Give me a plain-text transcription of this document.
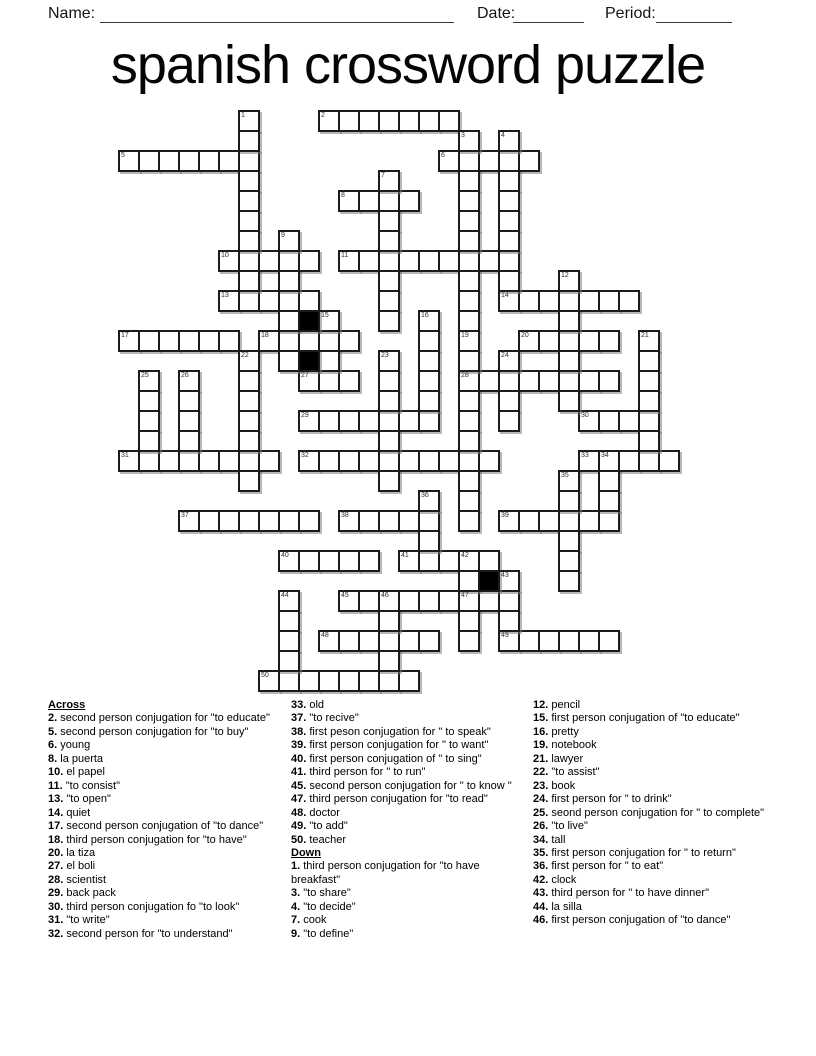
Name:	Date:	Period:
spanish crossword puzzle
2
5	6
8
10	11
13	14
17	18	20
27	28
29	30
31	32	33 34
37	38	39
40	41	42
45	46	47
48	49
50
1
3	4
7
9
12
15	16
19	21
22	23	24
25	26
35
36
43
44
Across
2. second person conjugation for "to educate"
5. second person conjugation for "to buy"
6. young
8. la puerta
10. el papel
11. "to consist"
13. "to open"
14. quiet
17. second person conjugation of "to dance"
18. third person conjugation for "to have"
20. la tiza
27. el boli
28. scientist
29. back pack
30. third person conjugation fo "to look"
31. "to write"
32. second person for "to understand"
33. old
37. "to recive"
38. first peson conjugation for " to speak"
39. first person conjugation for " to want"
40. first person conjugation of " to sing"
41. third person for " to run"
45. second person conjugation for " to know "
47. third person conjugation for "to read"
48. doctor
49. "to add"
50. teacher
Down
1. third person conjugation for "to have breakfast"
3. "to share"
4. "to decide"
7. cook
9. "to define"
12. pencil
15. first person conjugation of "to educate"
16. pretty
19. notebook
21. lawyer
22. "to assist"
23. book
24. first person for " to drink"
25. seond person conjugation for " to complete"
26. "to live"
34. tall
35. first person conjugation for " to return"
36. first person for " to eat"
42. clock
43. third person for " to have dinner"
44. la silla
46. first person conjugation of "to dance"
